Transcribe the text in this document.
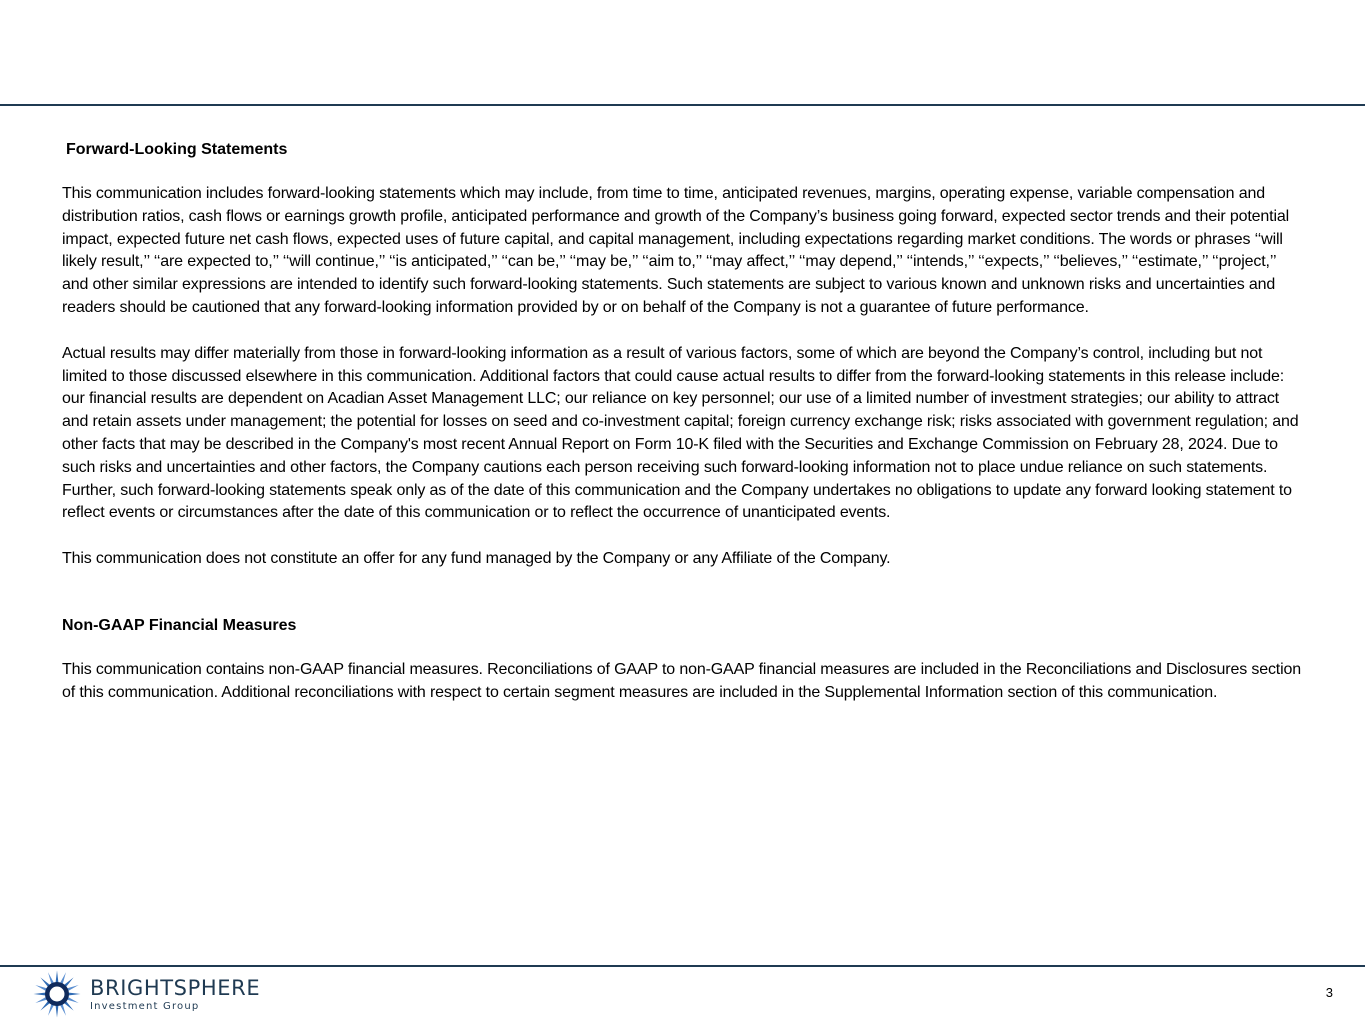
Forward-Looking Statements

This communication includes forward-looking statements which may include, from time to time, anticipated revenues, margins, operating expense, variable compensation and distribution ratios, cash flows or earnings growth profile, anticipated performance and growth of the Company’s business going forward, expected sector trends and their potential impact, expected future net cash flows, expected uses of future capital, and capital management, including expectations regarding market conditions. The words or phrases ‘‘will likely result,’’ ‘‘are expected to,’’ ‘‘will continue,’’ ‘‘is anticipated,’’ ‘‘can be,’’ ‘‘may be,’’ ‘‘aim to,’’ ‘‘may affect,’’ ‘‘may depend,’’ ‘‘intends,’’ ‘‘expects,’’ ‘‘believes,’’ ‘‘estimate,’’ ‘‘project,’’ and other similar expressions are intended to identify such forward-looking statements. Such statements are subject to various known and unknown risks and uncertainties and readers should be cautioned that any forward-looking information provided by or on behalf of the Company is not a guarantee of future performance.

Actual results may differ materially from those in forward-looking information as a result of various factors, some of which are beyond the Company’s control, including but not limited to those discussed elsewhere in this communication. Additional factors that could cause actual results to differ from the forward-looking statements in this release include: our financial results are dependent on Acadian Asset Management LLC; our reliance on key personnel; our use of a limited number of investment strategies; our ability to attract and retain assets under management; the potential for losses on seed and co-investment capital; foreign currency exchange risk; risks associated with government regulation; and other facts that may be described in the Company's most recent Annual Report on Form 10-K filed with the Securities and Exchange Commission on February 28, 2024. Due to such risks and uncertainties and other factors, the Company cautions each person receiving such forward-looking information not to place undue reliance on such statements. Further, such forward-looking statements speak only as of the date of this communication and the Company undertakes no obligations to update any forward looking statement to reflect events or circumstances after the date of this communication or to reflect the occurrence of unanticipated events.

This communication does not constitute an offer for any fund managed by the Company or any Affiliate of the Company.

Non-GAAP Financial Measures

This communication contains non-GAAP financial measures. Reconciliations of GAAP to non-GAAP financial measures are included in the Reconciliations and Disclosures section of this communication. Additional reconciliations with respect to certain segment measures are included in the Supplemental Information section of this communication.

BRIGHTSPHERE
Investment Group
3
